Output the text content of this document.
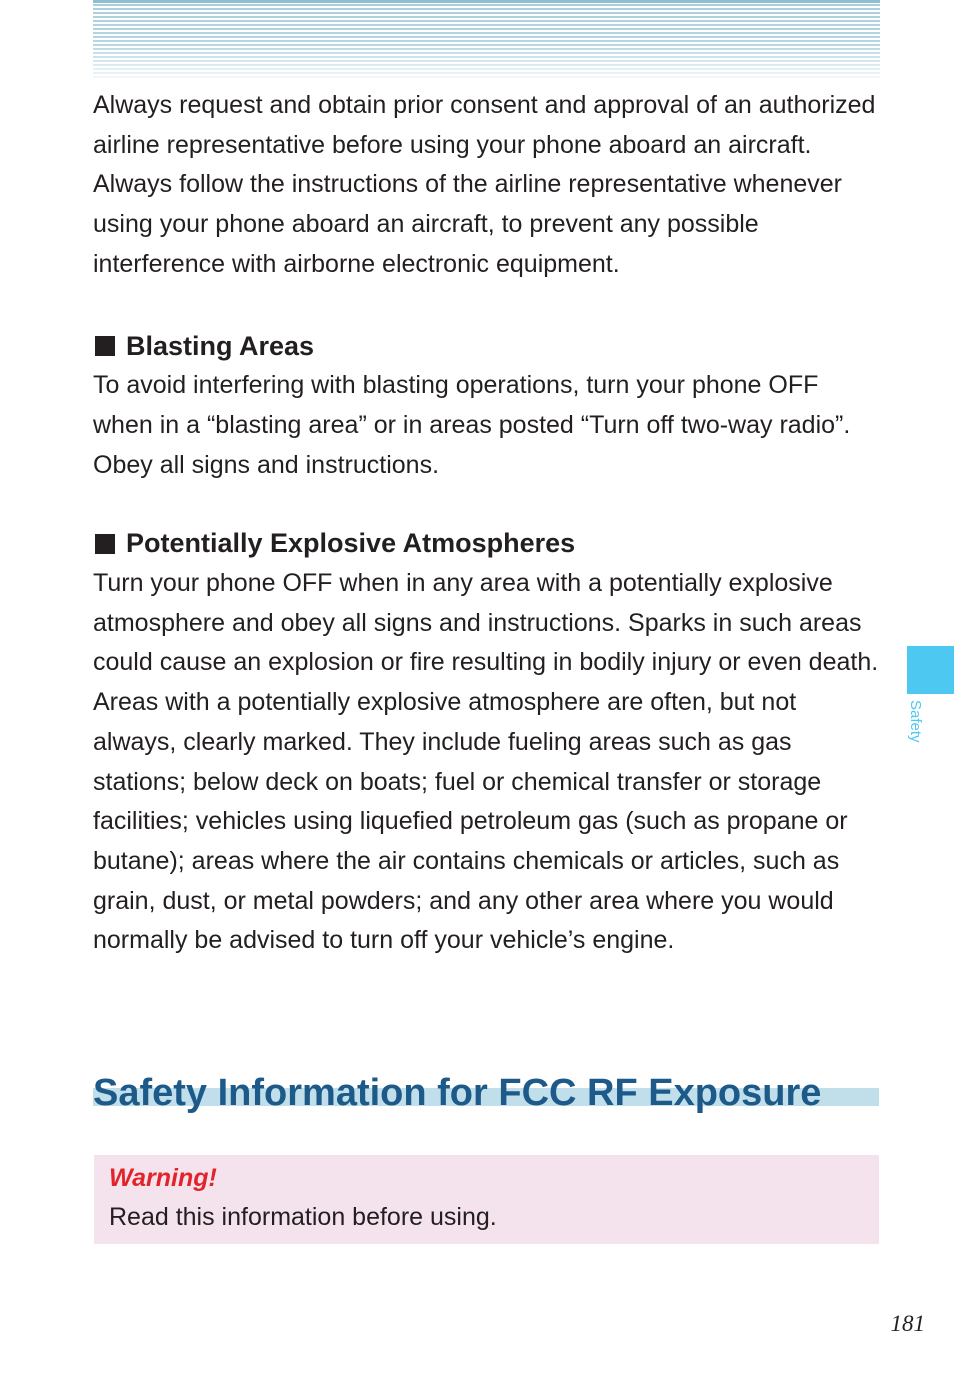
Always request and obtain prior consent and approval of an authorized airline representative before using your phone aboard an aircraft. Always follow the instructions of the airline representative whenever using your phone aboard an aircraft, to prevent any possible interference with airborne electronic equipment.

Blasting Areas

To avoid interfering with blasting operations, turn your phone OFF when in a “blasting area” or in areas posted “Turn off two-way radio”. Obey all signs and instructions.

Potentially Explosive Atmospheres

Turn your phone OFF when in any area with a potentially explosive atmosphere and obey all signs and instructions. Sparks in such areas could cause an explosion or fire resulting in bodily injury or even death.

Areas with a potentially explosive atmosphere are often, but not always, clearly marked. They include fueling areas such as gas stations; below deck on boats; fuel or chemical transfer or storage facilities; vehicles using liquefied petroleum gas (such as propane or butane); areas where the air contains chemicals or articles, such as grain, dust, or metal powders; and any other area where you would normally be advised to turn off your vehicle’s engine.

Safety Information for FCC RF Exposure
Warning!
Read this information before using.
Safety
181
